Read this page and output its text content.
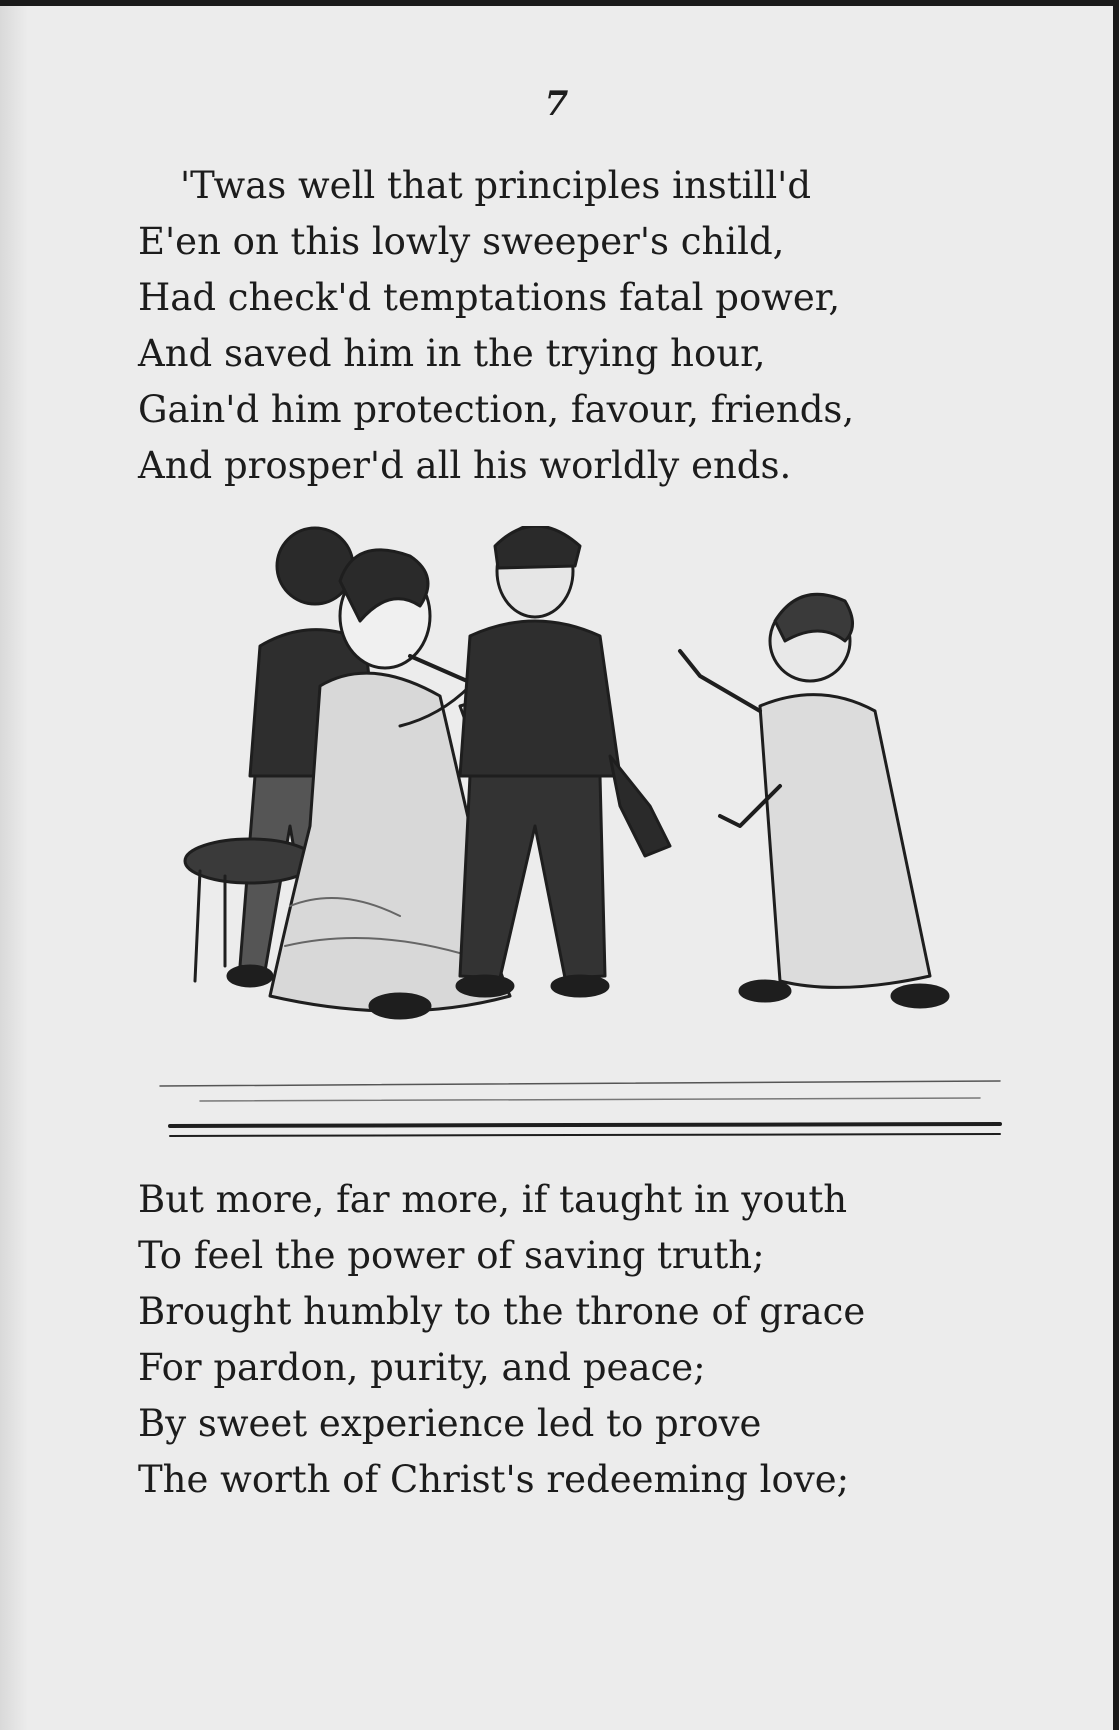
7
'Twas well that principles instill'd
E'en on this lowly sweeper's child,
Had check'd temptations fatal power,
And saved him in the trying hour,
Gain'd him protection, favour, friends,
And prosper'd all his worldly ends.
But more, far more, if taught in youth
To feel the power of saving truth;
Brought humbly to the throne of grace
For pardon, purity, and peace;
By sweet experience led to prove
The worth of Christ's redeeming love;
